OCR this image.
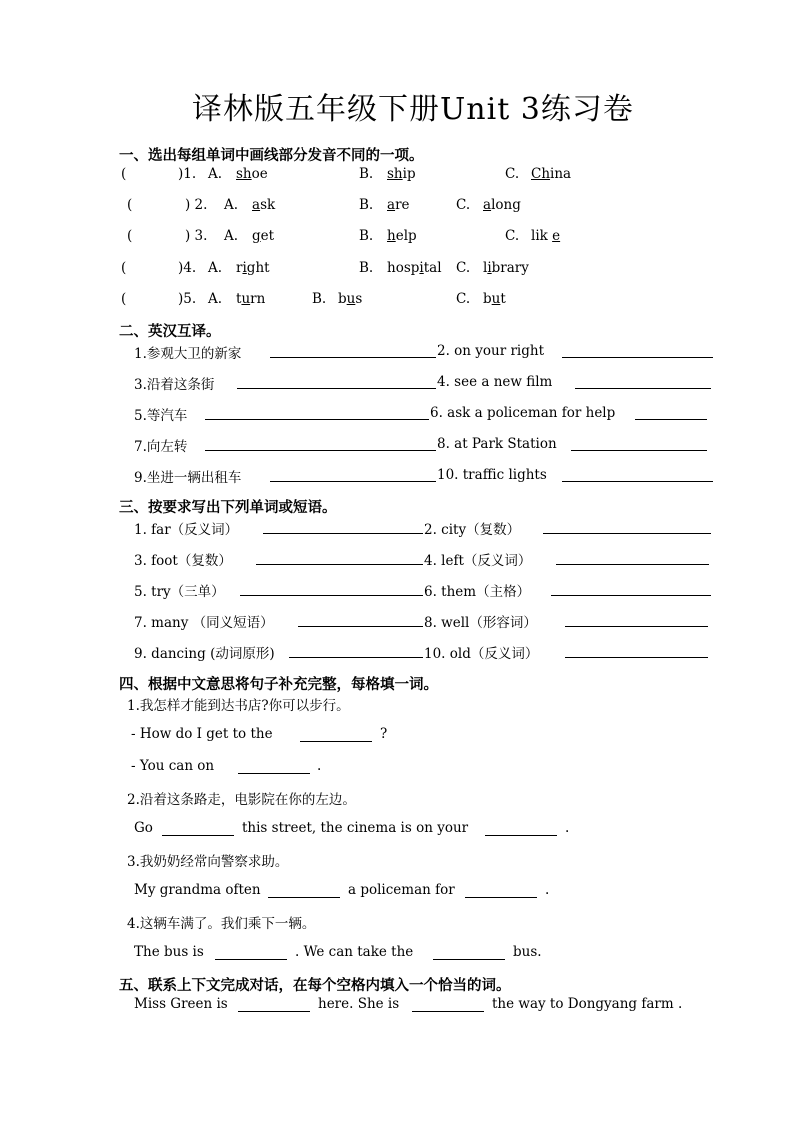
译林版五年级下册Unit 3练习卷
一、选出每组单词中画线部分发音不同的一项。
(	)1. A. shoe	B. ship	C. China
(	) 2. A. ask	B. are	C. along
(	) 3. A. get	B. help	C. lik e
(	)4. A. right	B. hospital C. library
(	)5. A. turn	B. bus	C. but
二、英汉互译。
1.参观大卫的新家	2. on your right
3.沿着这条街	4. see a new film
5.等汽车	6. ask a policeman for help
7.向左转	8. at Park Station
9.坐进一辆出租车	10. traffic lights
三、按要求写出下列单词或短语。
1. far（反义词）	2. city（复数）
3. foot（复数）	4. left（反义词）
5. try（三单）	6. them（主格）
7. many （同义短语）	8. well（形容词）
9. dancing (动词原形)	10. old（反义词）
四、根据中文意思将句子补充完整，每格填一词。
1.我怎样才能到达书店?你可以步行。
- How do I get to the	?
- You can on	.
2.沿着这条路走，电影院在你的左边。
Go	this street, the cinema is on your	.
3.我奶奶经常向警察求助。
My grandma often	a policeman for	.
4.这辆车满了。我们乘下一辆。
The bus is	. We can take the	bus.
五、联系上下文完成对话，在每个空格内填入一个恰当的词。
Miss Green is	here. She is	the way to Dongyang farm .
